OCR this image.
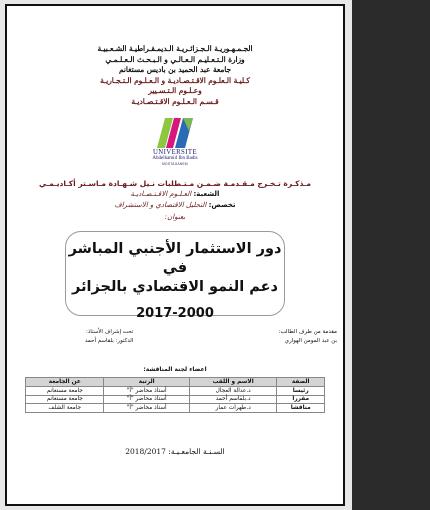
الجـمـهـوريـة الـجـزائـريـة الـديمـقـراطيـة الشـعـبيـة
وزارة الـتـعـليـم الـعـالـي و الـبـحـث الـعـلـمـي
جامعة عبد الحميد بن باديس مستغانم
كـليـة الـعلـوم الاقـتـصـاديـة و الـعـلـوم الـتـجـاريـة
وعـلـوم الـتـسـيير
قـسـم الـعـلـوم الاقـتـصـاديـة
UNIVERSITE
Abdelhamid Ibn Badis
MOSTAGANEM
مـذكـرة تـخـرج مـقـدمـة ضـمـن مـتـطلبات نـيل شـهـادة مـاسـتر أكـاديـمـي
الشعبة: العـلـوم الاقـتـصـاديـة
تخصص: التحليل الاقتصادي و الاستشراف
بعنوان:
دور الاستثمار الأجنبي المباشر في
دعم النمو الاقتصادي بالجزائر
2017-2000
مقدمة من طرف الطالب:
بن عبد المومن الهواري
تحت إشراف الأستاذ:
الدكتور: بلقاسم أحمد
اعضاء لجنة المناقشة:
الصفة	الاسم و اللقب	الرتبة	عن الجامعة
رئيسا	د.عدالة العجال	أستاذ محاضر "أ"	جامعة مستغانم
مقررا	د.بلقاسم أحمد	أستاذ محاضر "أ"	جامعة مستغانم
مناقشا	د.طهرات عمار	أستاذ محاضر "أ"	جامعة الشلف
السـنـة الجامعـيـة: 2018/2017
